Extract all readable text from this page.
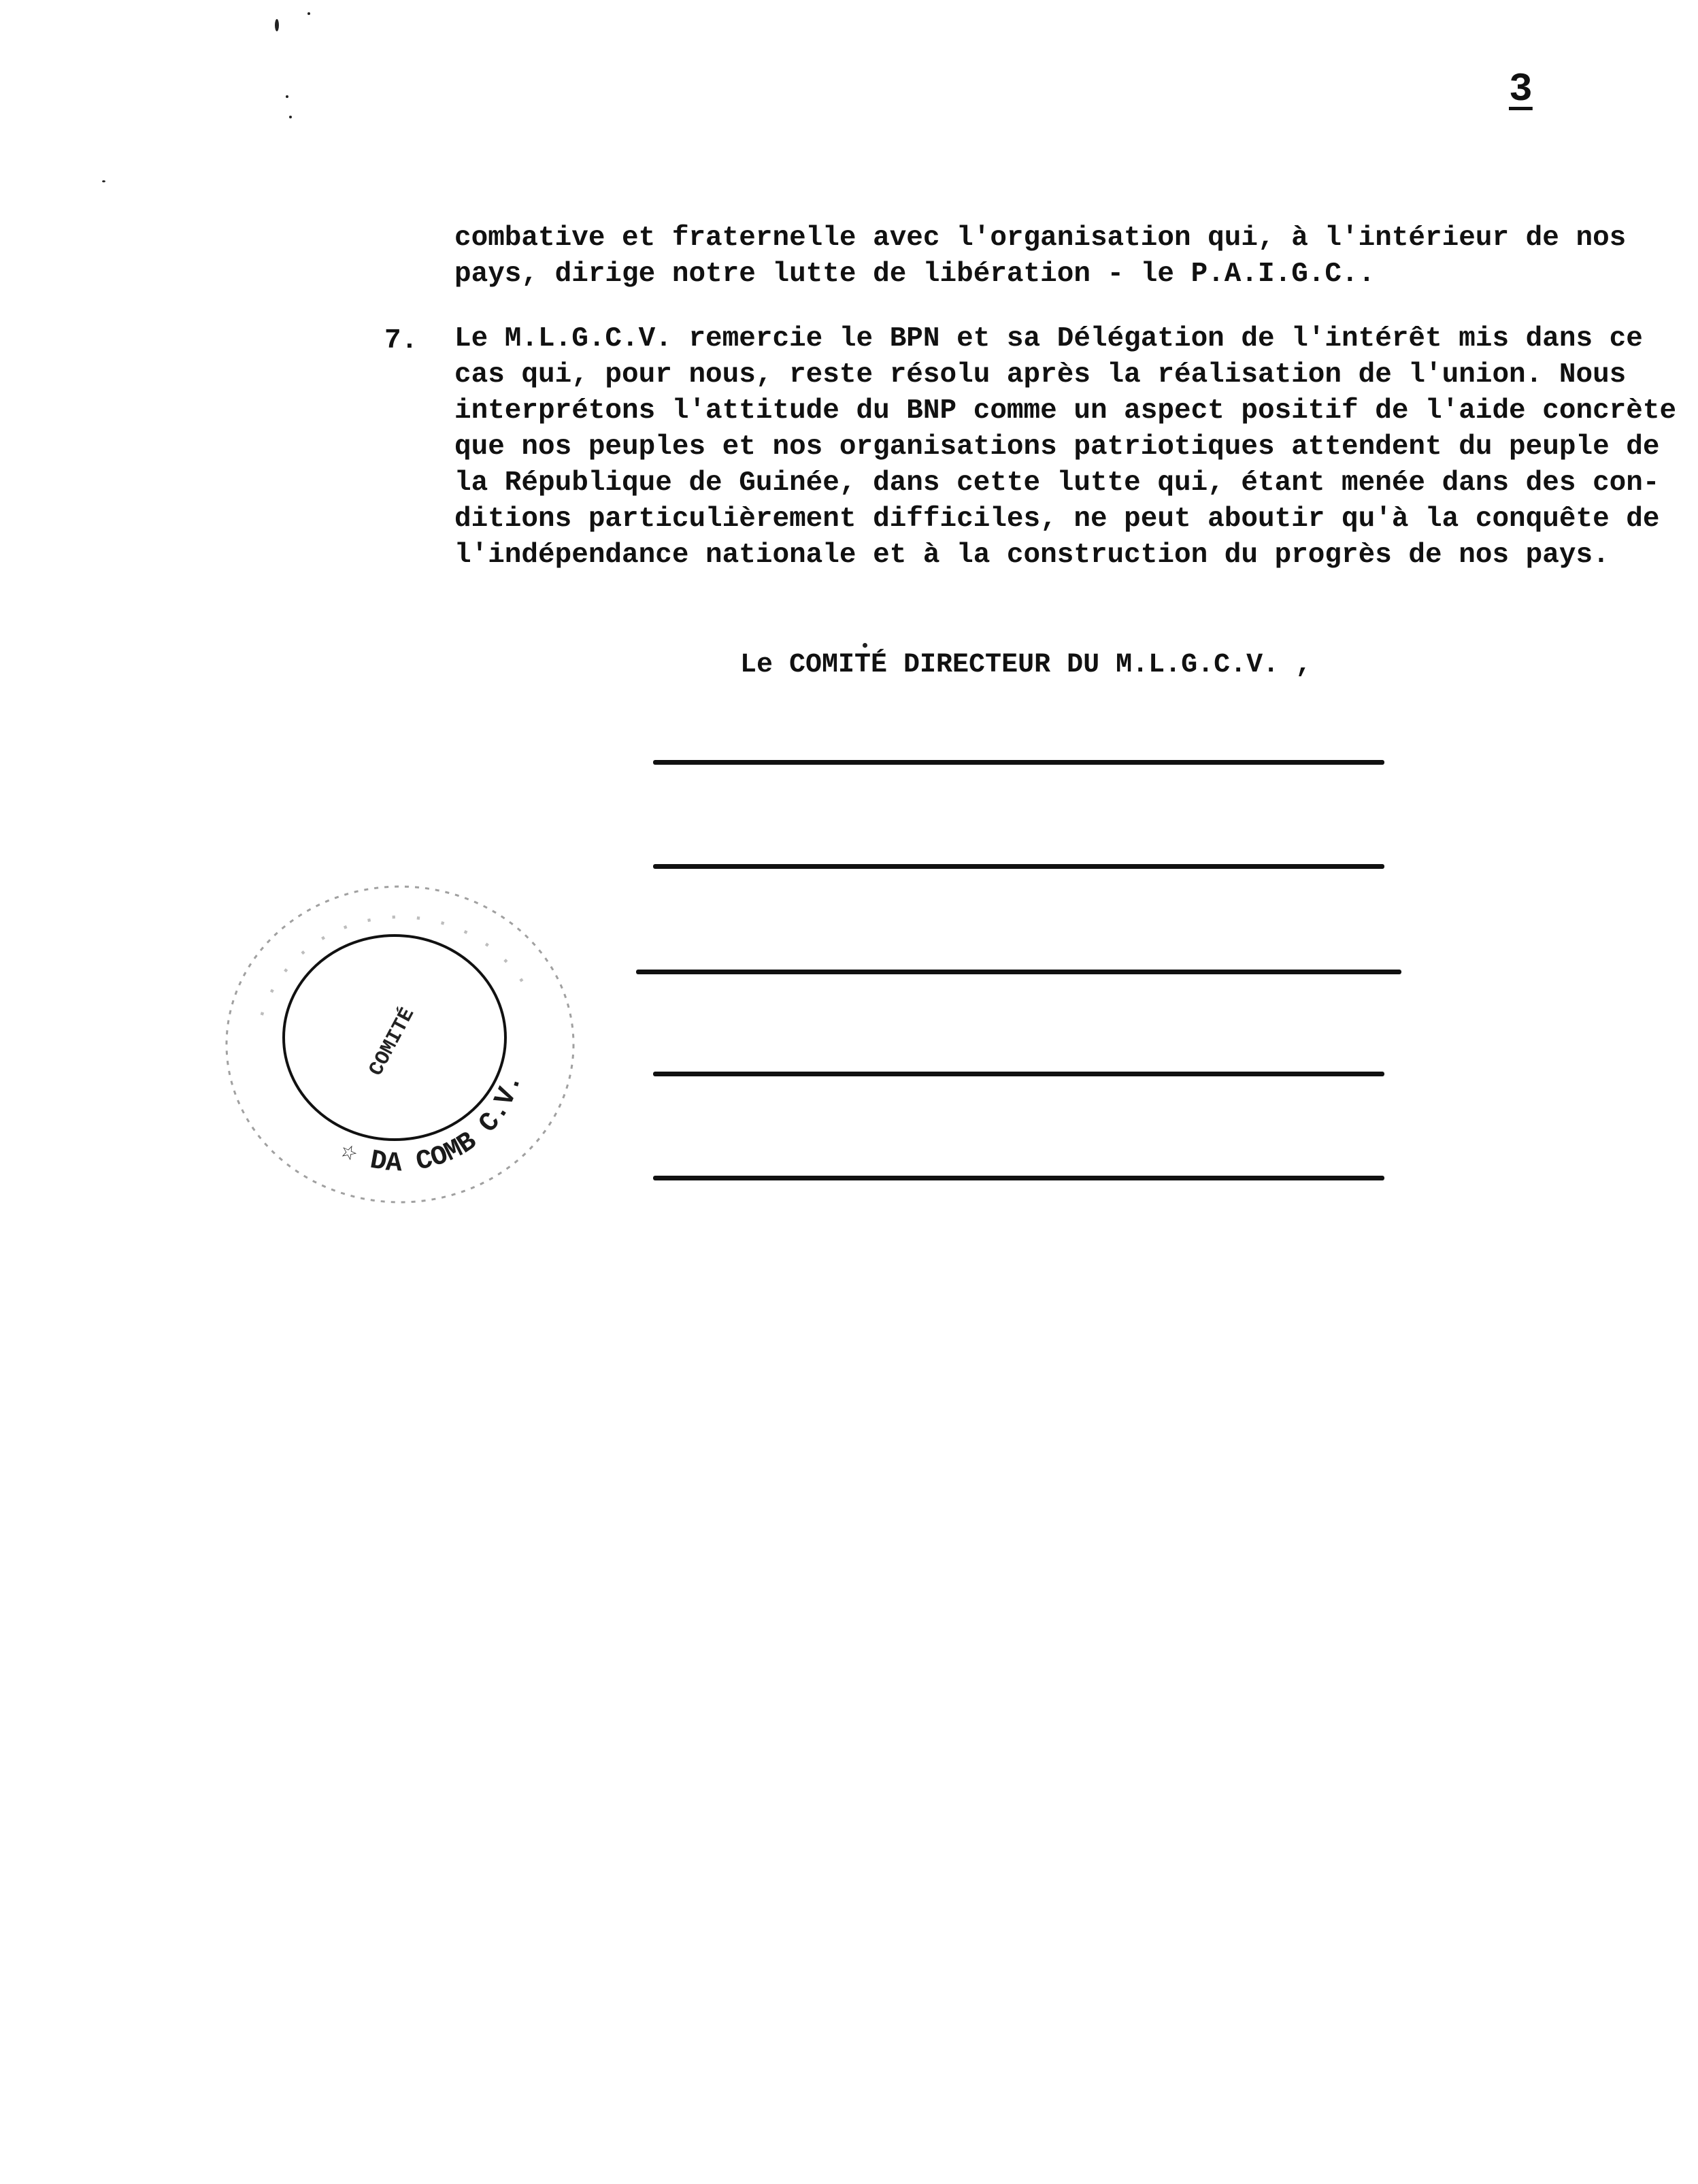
3
combative et fraternelle avec l'organisation qui, à l'intérieur de nos
pays, dirige notre lutte de libération - le P.A.I.G.C..
7. Le M.L.G.C.V. remercie le BPN et sa Délégation de l'intérêt mis dans ce
cas qui, pour nous, reste résolu après la réalisation de l'union. Nous
interprétons l'attitude du BNP comme un aspect positif de l'aide concrète
que nos peuples et nos organisations patriotiques attendent du peuple de
la République de Guinée, dans cette lutte qui, étant menée dans des con-
ditions particulièrement difficiles, ne peut aboutir qu'à la conquête de
l'indépendance nationale et à la construction du progrès de nos pays.
Le COMITÉ DIRECTEUR DU M.L.G.C.V. ,
. . . . . . . . . . . . . .
☆ DA COMB C.V.
COMITÉ
